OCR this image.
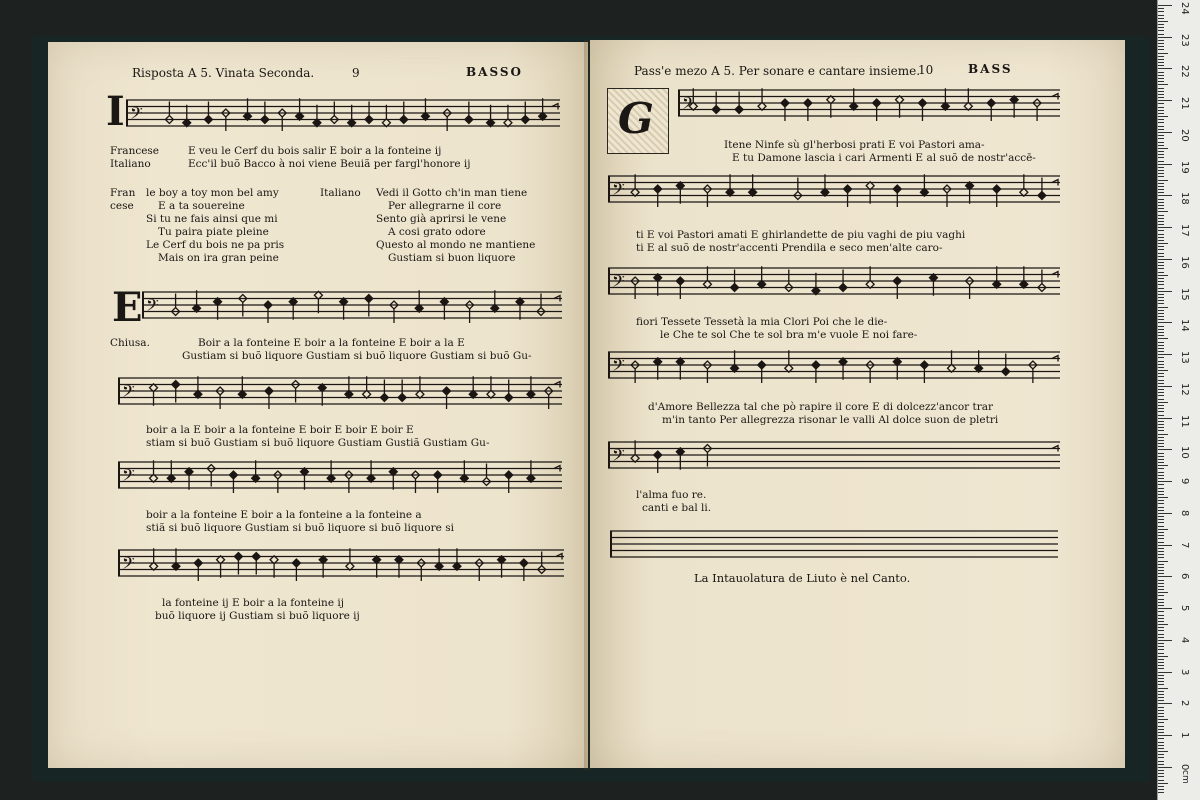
Risposta A 5. Vinata Seconda.	9	BASSO
I 𝄢
Francese	E veu le Cerf du bois salir E boir a la fonteine ij
Italiano	Ecc'il buõ Bacco à noi viene Beuiã per fargl'honore ij
Fran
cese
le boy a toy mon bel amy
E a ta souereine
Si tu ne fais ainsi que mi
Tu paira piate pleine
Le Cerf du bois ne pa pris
Mais on ira gran peine
Italiano Vedi il Gotto ch'in man tiene
Per allegrarne il core
Sento già aprirsi le vene
A cosi grato odore
Questo al mondo ne mantiene
Gustiam si buon liquore
E 𝄢
Chiusa.	Boir a la fonteine E boir a la fonteine E boir a la E
Gustiam si buõ liquore Gustiam si buõ liquore Gustiam si buõ Gu-
𝄢
boir a la E boir a la fonteine E boir E boir E boir E
stiam si buõ Gustiam si buõ liquore Gustiam Gustiã Gustiam Gu-
𝄢
boir a la fonteine E boir a la fonteine a la fonteine a
stiã si buõ liquore Gustiam si buõ liquore si buõ liquore si
𝄢
la fonteine ij E boir a la fonteine ij
buõ liquore ij Gustiam si buõ liquore ij
Pass'e mezo A 5. Per sonare e cantare insieme.
10	BASS
G 𝄢
Itene Ninfe sù gl'herbosi prati E voi Pastori ama-
E tu Damone lascia i cari Armenti E al suõ de nostr'accē-
𝄢
ti E voi Pastori amati E ghirlandette de piu vaghi de piu vaghi
ti E al suõ de nostr'accenti Prendila e seco men'alte caro-
𝄢
fiori Tessete Tessetà la mia Clori Poi che le die-
le Che te sol Che te sol bra m'e vuole E noi fare-
𝄢
d'Amore Bellezza tal che pò rapire il core E di dolcezz'ancor trar
m'in tanto Per allegrezza risonar le valli Al dolce suon de pletri
𝄢
l'alma fuo re.
canti e bal li.
La Intauolatura de Liuto è nel Canto.
24
23
22
21
20
19
18
17
16
15
14
13
12
11
10
9
8
7
6
5
4
3
2
1
0
cm
